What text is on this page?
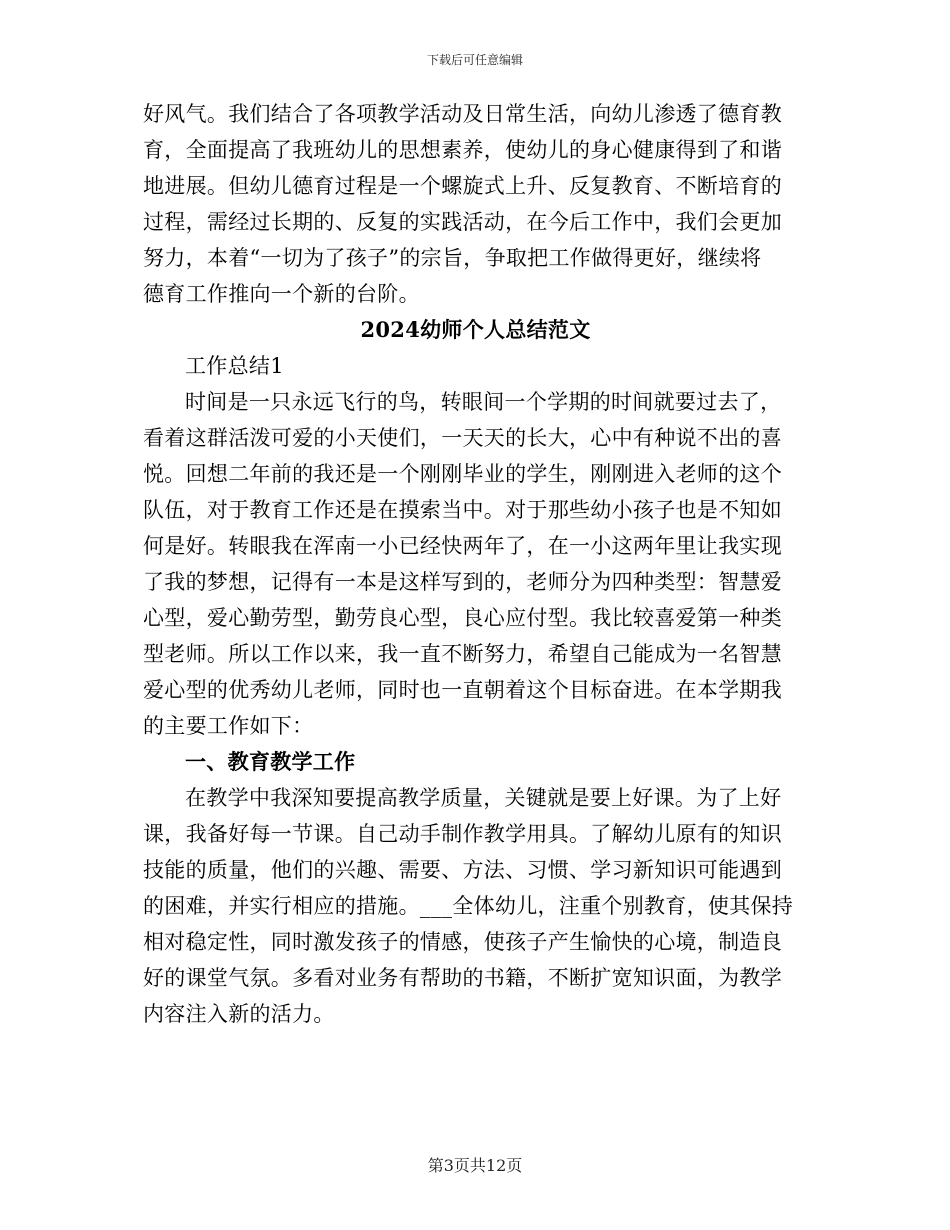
下载后可任意编辑
好风气。我们结合了各项教学活动及日常生活，向幼儿渗透了德育教
育，全面提高了我班幼儿的思想素养，使幼儿的身心健康得到了和谐
地进展。但幼儿德育过程是一个螺旋式上升、反复教育、不断培育的
过程，需经过长期的、反复的实践活动，在今后工作中，我们会更加
努力，本着“一切为了孩子”的宗旨，争取把工作做得更好，继续将
德育工作推向一个新的台阶。
2024幼师个人总结范文
工作总结1
时间是一只永远飞行的鸟，转眼间一个学期的时间就要过去了，
看着这群活泼可爱的小天使们，一天天的长大，心中有种说不出的喜
悦。回想二年前的我还是一个刚刚毕业的学生，刚刚进入老师的这个
队伍，对于教育工作还是在摸索当中。对于那些幼小孩子也是不知如
何是好。转眼我在浑南一小已经快两年了，在一小这两年里让我实现
了我的梦想，记得有一本是这样写到的，老师分为四种类型：智慧爱
心型，爱心勤劳型，勤劳良心型，良心应付型。我比较喜爱第一种类
型老师。所以工作以来，我一直不断努力，希望自己能成为一名智慧
爱心型的优秀幼儿老师，同时也一直朝着这个目标奋进。在本学期我
的主要工作如下：
一、教育教学工作
在教学中我深知要提高教学质量，关键就是要上好课。为了上好
课，我备好每一节课。自己动手制作教学用具。了解幼儿原有的知识
技能的质量，他们的兴趣、需要、方法、习惯、学习新知识可能遇到
的困难，并实行相应的措施。___全体幼儿，注重个别教育，使其保持
相对稳定性，同时激发孩子的情感，使孩子产生愉快的心境，制造良
好的课堂气氛。多看对业务有帮助的书籍，不断扩宽知识面，为教学
内容注入新的活力。
第3页共12页
